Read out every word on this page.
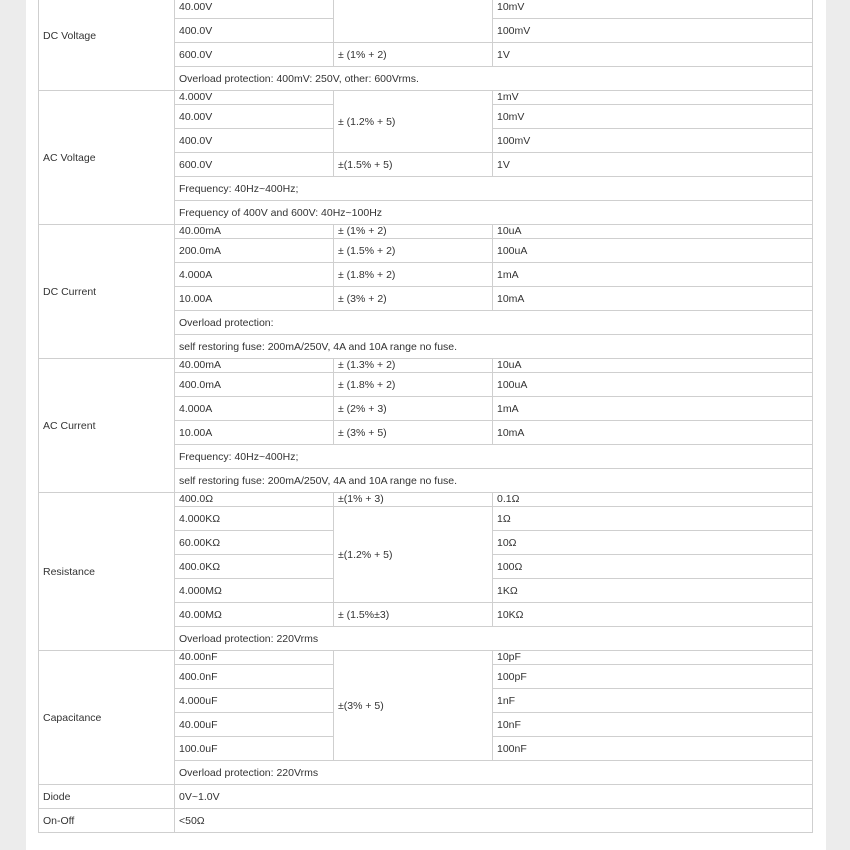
DC Voltage			
	40.00V		10mV
	400.0V		100mV
	600.0V	± (1% + 2)	1V
	Overload protection: 400mV: 250V, other: 600Vrms.		
AC Voltage	4.000V	± (1.2% + 5)	1mV
	40.00V		10mV
	400.0V		100mV
	600.0V	±(1.5% + 5)	1V
	Frequency: 40Hz~400Hz;		
	Frequency of 400V and 600V: 40Hz~100Hz		
DC Current	40.00mA	± (1% + 2)	10uA
	200.0mA	± (1.5% + 2)	100uA
	4.000A	± (1.8% + 2)	1mA
	10.00A	± (3% + 2)	10mA
	Overload protection:		
	self restoring fuse: 200mA/250V, 4A and 10A range no fuse.		
AC Current	40.00mA	± (1.3% + 2)	10uA
	400.0mA	± (1.8% + 2)	100uA
	4.000A	± (2% + 3)	1mA
	10.00A	± (3% + 5)	10mA
	Frequency: 40Hz~400Hz;		
	self restoring fuse: 200mA/250V, 4A and 10A range no fuse.		
Resistance	400.0Ω	±(1% + 3)	0.1Ω
	4.000KΩ	±(1.2% + 5)	1Ω
	60.00KΩ		10Ω
	400.0KΩ		100Ω
	4.000MΩ		1KΩ
	40.00MΩ	± (1.5%±3)	10KΩ
	Overload protection: 220Vrms		
Capacitance	40.00nF	±(3% + 5)	10pF
	400.0nF		100pF
	4.000uF		1nF
	40.00uF		10nF
	100.0uF		100nF
	Overload protection: 220Vrms		
Diode	0V~1.0V		
On-Off	<50Ω		
